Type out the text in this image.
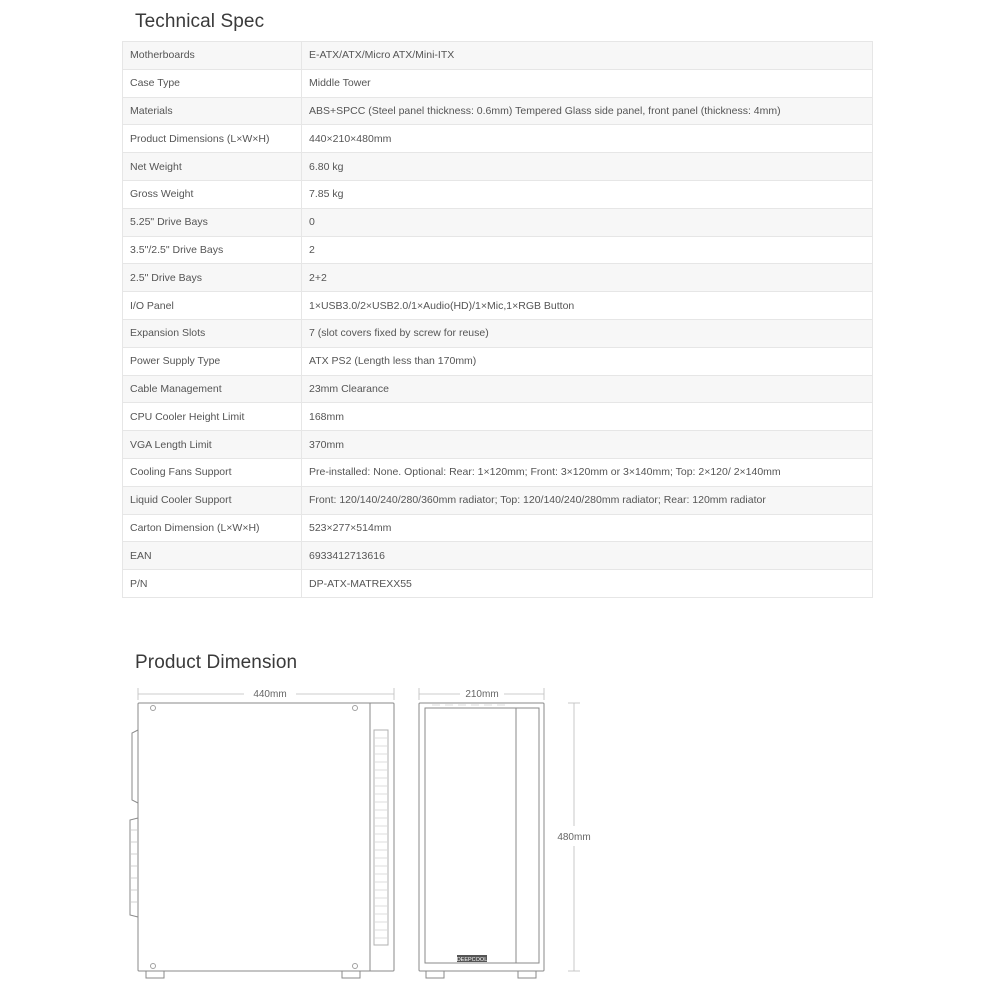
Technical Spec
Motherboards	E-ATX/ATX/Micro ATX/Mini-ITX
Case Type	Middle Tower
Materials	ABS+SPCC (Steel panel thickness: 0.6mm) Tempered Glass side panel, front panel (thickness: 4mm)
Product Dimensions (L×W×H)	440×210×480mm
Net Weight	6.80 kg
Gross Weight	7.85 kg
5.25" Drive Bays	0
3.5"/2.5" Drive Bays	2
2.5" Drive Bays	2+2
I/O Panel	1×USB3.0/2×USB2.0/1×Audio(HD)/1×Mic,1×RGB Button
Expansion Slots	7 (slot covers fixed by screw for reuse)
Power Supply Type	ATX PS2 (Length less than 170mm)
Cable Management	23mm Clearance
CPU Cooler Height Limit	168mm
VGA Length Limit	370mm
Cooling Fans Support	Pre-installed: None. Optional: Rear: 1×120mm; Front: 3×120mm or 3×140mm; Top: 2×120/ 2×140mm
Liquid Cooler Support	Front: 120/140/240/280/360mm radiator; Top: 120/140/240/280mm radiator; Rear: 120mm radiator
Carton Dimension (L×W×H)	523×277×514mm
EAN	6933412713616
P/N	DP-ATX-MATREXX55
Product Dimension
440mm	210mm
DEEPCOOL
480mm
